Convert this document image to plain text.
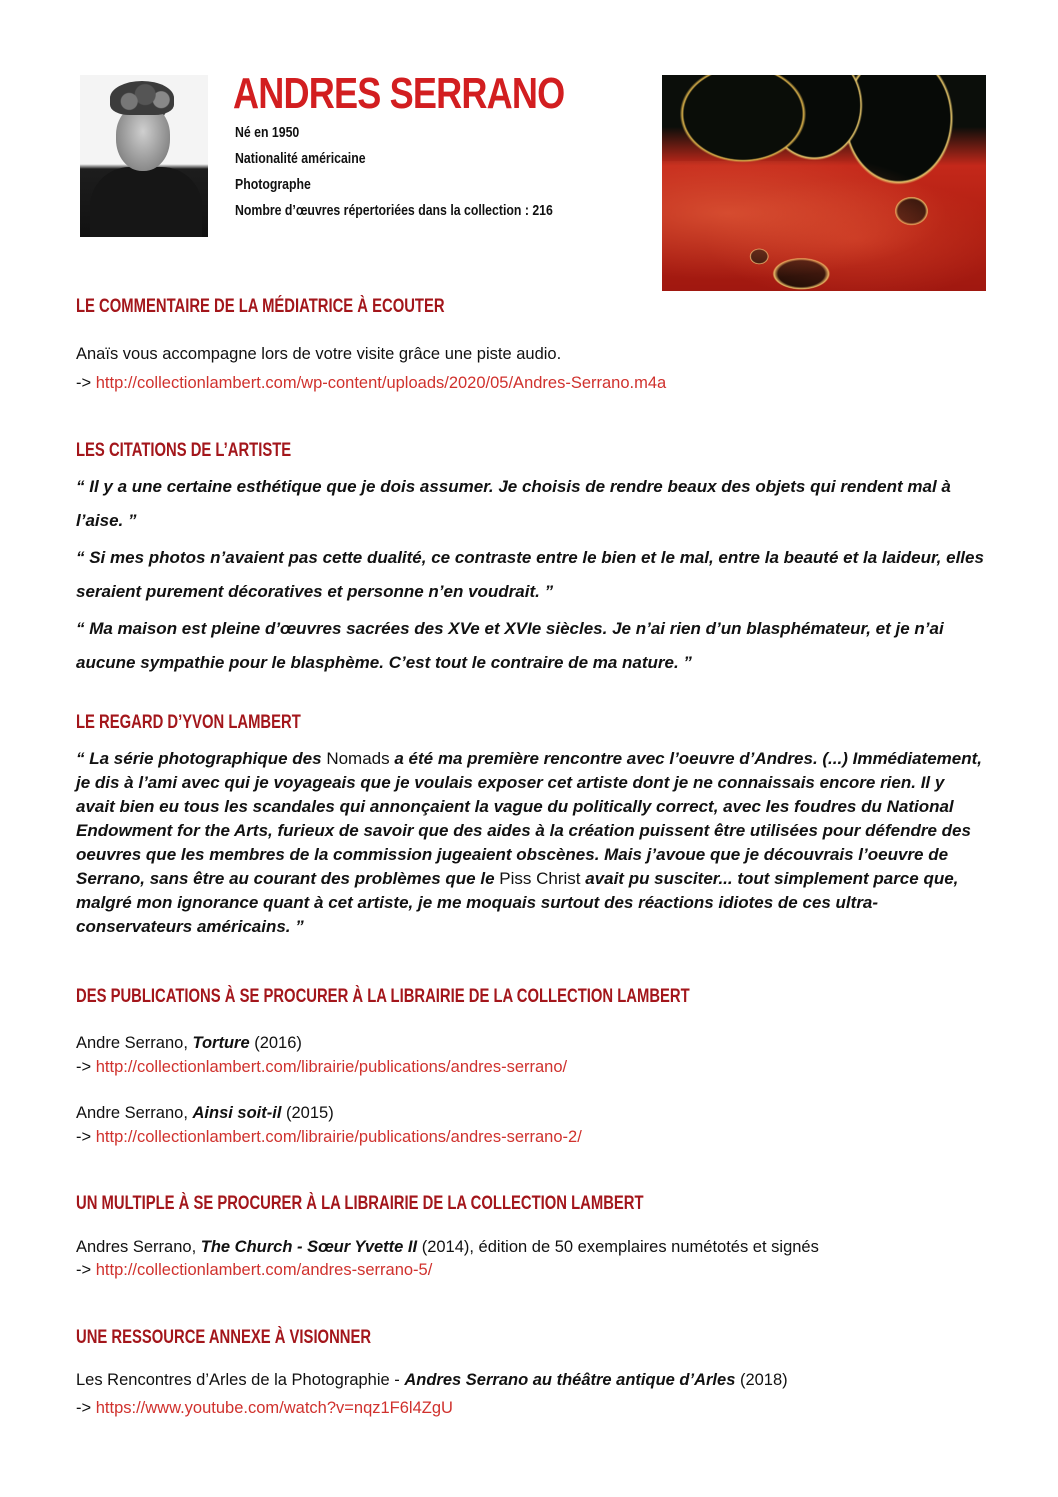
ANDRES SERRANO
Né en 1950
Nationalité américaine
Photographe
Nombre d’œuvres répertoriées dans la collection : 216
LE COMMENTAIRE DE LA MÉDIATRICE À ECOUTER
Anaïs vous accompagne lors de votre visite grâce une piste audio.
-> http://collectionlambert.com/wp-content/uploads/2020/05/Andres-Serrano.m4a
LES CITATIONS DE L’ARTISTE
“ Il y a une certaine esthétique que je dois assumer. Je choisis de rendre beaux des objets qui rendent mal à l’aise. ”
“ Si mes photos n’avaient pas cette dualité, ce contraste entre le bien et le mal, entre la beauté et la laideur, elles seraient purement décoratives et personne n’en voudrait. ”
“ Ma maison est pleine d’œuvres sacrées des XVe et XVIe siècles. Je n’ai rien d’un blasphémateur, et je n’ai aucune sympathie pour le blasphème. C’est tout le contraire de ma nature. ”
LE REGARD D’YVON LAMBERT
“ La série photographique des Nomads a été ma première rencontre avec l’oeuvre d’Andres. (...) Immédiatement, je dis à l’ami avec qui je voyageais que je voulais exposer cet artiste dont je ne connaissais encore rien. Il y avait bien eu tous les scandales qui annonçaient la vague du politically correct, avec les foudres du National Endowment for the Arts, furieux de savoir que des aides à la création puissent être utilisées pour défendre des oeuvres que les membres de la commission jugeaient obscènes. Mais j’avoue que je découvrais l’oeuvre de Serrano, sans être au courant des problèmes que le Piss Christ avait pu susciter... tout simplement parce que, malgré mon ignorance quant à cet artiste, je me moquais surtout des réactions idiotes de ces ultra-conservateurs américains. ”
DES PUBLICATIONS À SE PROCURER À LA LIBRAIRIE DE LA COLLECTION LAMBERT
Andre Serrano, Torture (2016)
-> http://collectionlambert.com/librairie/publications/andres-serrano/
Andre Serrano, Ainsi soit-il (2015)
-> http://collectionlambert.com/librairie/publications/andres-serrano-2/
UN MULTIPLE À SE PROCURER À LA LIBRAIRIE DE LA COLLECTION LAMBERT
Andres Serrano, The Church - Sœur Yvette II (2014), édition de 50 exemplaires numétotés et signés
-> http://collectionlambert.com/andres-serrano-5/
UNE RESSOURCE ANNEXE À VISIONNER
Les Rencontres d’Arles de la Photographie - Andres Serrano au théâtre antique d’Arles (2018)
-> https://www.youtube.com/watch?v=nqz1F6l4ZgU
